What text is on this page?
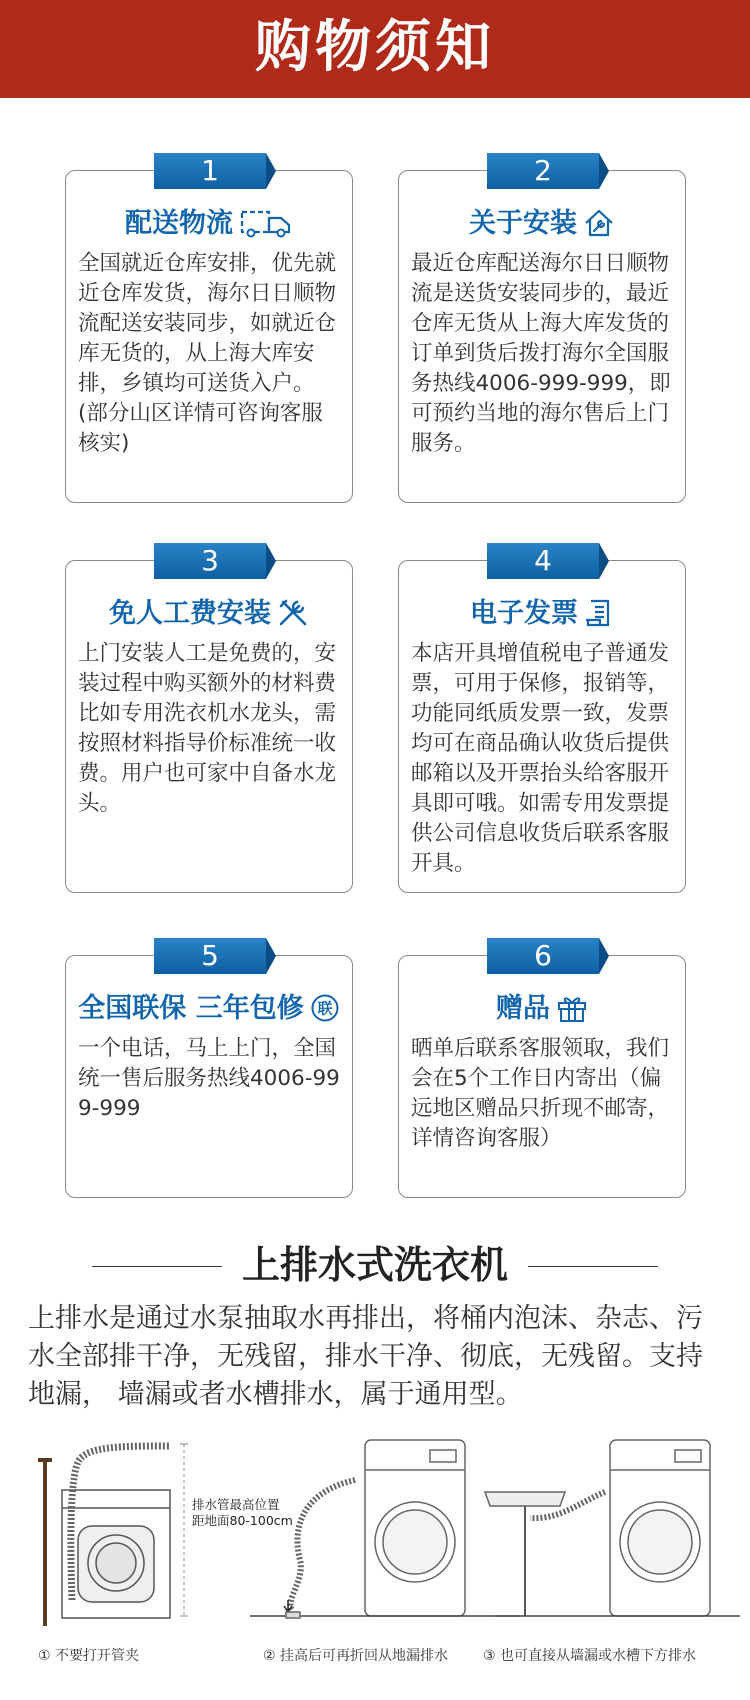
购物须知
1
配送物流
全国就近仓库安排，优先就近仓库发货，海尔日日顺物流配送安装同步，如就近仓库无货的，从上海大库安排，乡镇均可送货入户。(部分山区详情可咨询客服核实)
2
关于安装
最近仓库配送海尔日日顺物流是送货安装同步的，最近仓库无货从上海大库发货的订单到货后拨打海尔全国服务热线4006-999-999，即可预约当地的海尔售后上门服务。
3
免人工费安装
上门安装人工是免费的，安装过程中购买额外的材料费比如专用洗衣机水龙头，需按照材料指导价标准统一收费。用户也可家中自备水龙头。
4
电子发票
本店开具增值税电子普通发票，可用于保修，报销等，功能同纸质发票一致，发票均可在商品确认收货后提供邮箱以及开票抬头给客服开具即可哦。如需专用发票提供公司信息收货后联系客服开具。
5
全国联保 三年包修 联
一个电话，马上上门，全国统一售后服务热线4006-999-999
6
赠品
晒单后联系客服领取，我们会在5个工作日内寄出（偏远地区赠品只折现不邮寄，详情咨询客服）
上排水式洗衣机
上排水是通过水泵抽取水再排出，将桶内泡沫、杂志、污水全部排干净，无残留，排水干净、彻底，无残留。支持地漏， 墙漏或者水槽排水，属于通用型。
排水管最高位置
距地面80-100cm
① 不要打开管夹	② 挂高后可再折回从地漏排水 ③ 也可直接从墙漏或水槽下方排水
